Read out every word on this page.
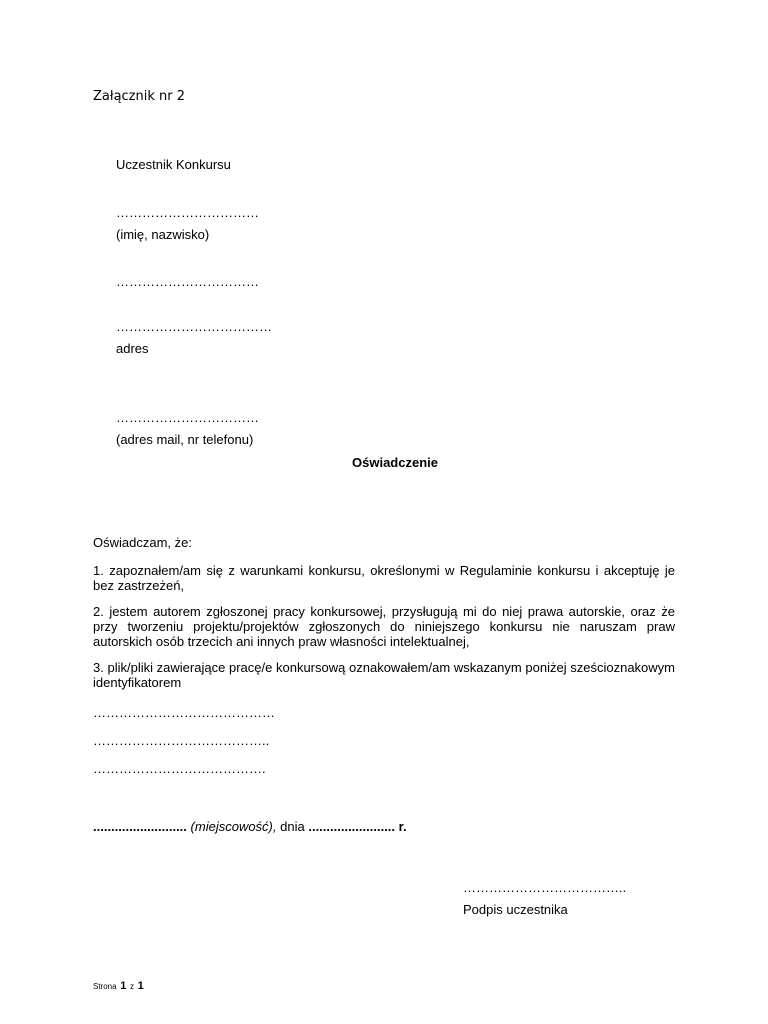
Załącznik nr 2
Uczestnik Konkursu
……………………………
(imię, nazwisko)
……………………………
………………………………
adres
……………………………
(adres mail, nr telefonu)
Oświadczenie
Oświadczam, że:
1. zapoznałem/am się z warunkami konkursu, określonymi w Regulaminie konkursu i akceptuję je bez zastrzeżeń,
2. jestem autorem zgłoszonej pracy konkursowej, przysługują mi do niej prawa autorskie, oraz że przy tworzeniu projektu/projektów zgłoszonych do niniejszego konkursu nie naruszam praw autorskich osób trzecich ani innych praw własności intelektualnej,
3. plik/pliki zawierające pracę/e konkursową oznakowałem/am wskazanym poniżej sześcioznakowym identyfikatorem
……………………………………
…………………………………..
………………………………….
.......................... (miejscowość), dnia ........................ r.
………………………………..
Podpis uczestnika
Strona 1 z 1
